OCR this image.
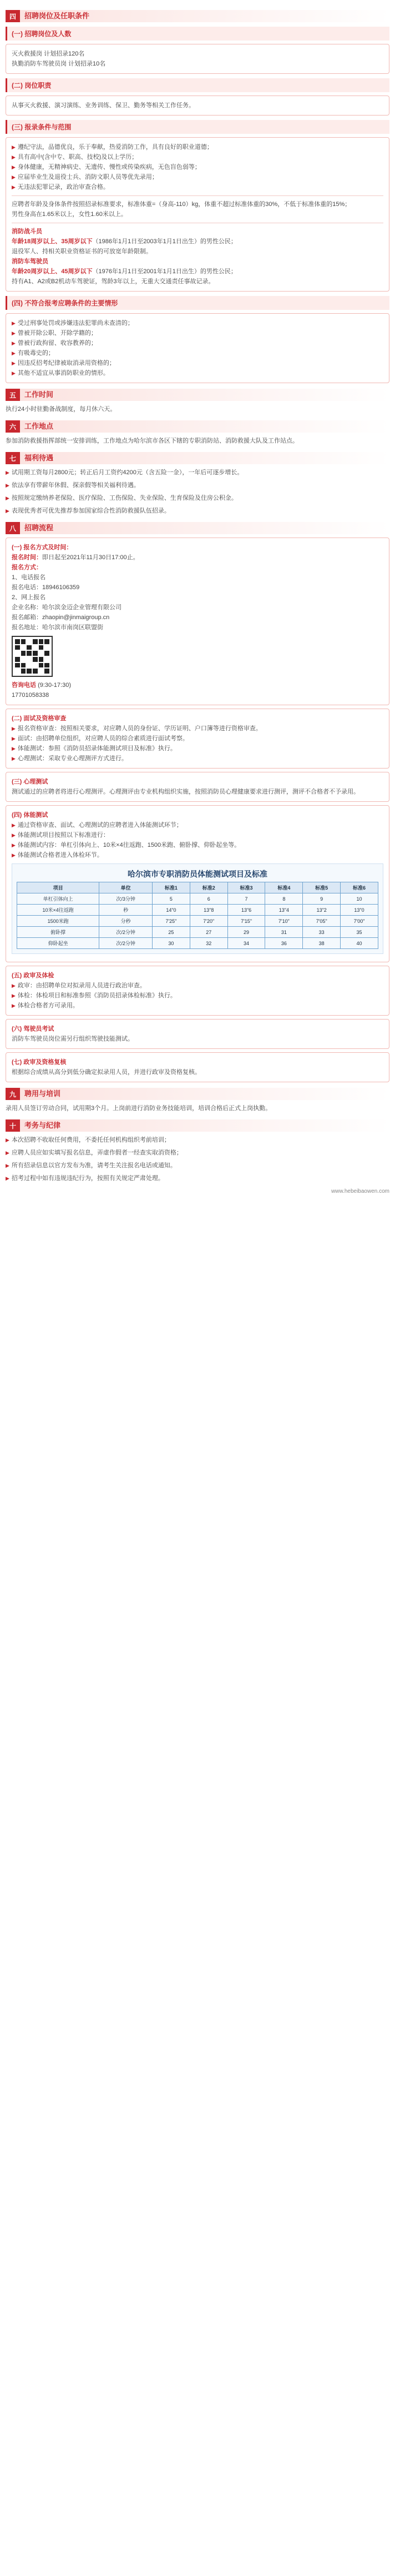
四	招聘岗位及任职条件
(一) 招聘岗位及人数
灭火救援岗 计划招录120名
执勤消防车驾驶员岗 计划招录10名
(二) 岗位职责
从事灭火救援、演习演练、业务训练、保卫、勤务等相关工作任务。
(三) 报录条件与范围
▶ 遵纪守法，品德优良，乐于奉献，热爱消防工作，具有良好的职业道德；
▶ 具有高中(含中专、职高、技校)及以上学历；
▶ 身体健康，无精神病史、无遗传、慢性或传染疾病，无色盲色弱等；
▶ 应届毕业生及退役士兵、消防文职人员等优先录用；
▶ 无违法犯罪记录，政治审查合格。
应聘者年龄及身体条件按照招录标准要求，标准体重=（身高-110）kg，体重不超过标准体重的30%，不低于标准体重的15%；
男性身高在1.65米以上，女性1.60米以上。
消防战斗员
年龄18周岁以上、35周岁以下（1986年1月1日至2003年1月1日出生）的男性公民；
退役军人、持相关职业资格证书的可放宽年龄限制。
消防车驾驶员
年龄20周岁以上、45周岁以下（1976年1月1日至2001年1月1日出生）的男性公民；
持有A1、A2或B2机动车驾驶证，驾龄3年以上，无重大交通责任事故记录。
(四) 不符合报考应聘条件的主要情形
▶ 受过刑事处罚或涉嫌违法犯罪尚未查清的；
▶ 曾被开除公职、开除学籍的；
▶ 曾被行政拘留、收容教养的；
▶ 有吸毒史的；
▶ 因违反招考纪律被取消录用资格的；
▶ 其他不适宜从事消防职业的情形。
五	工作时间
执行24小时驻勤备战制度，每月休六天。
六	工作地点
参加消防救援指挥部统一安排训练，工作地点为哈尔滨市各区下辖的专职消防站、消防救援大队及工作站点。
七	福利待遇
▶ 试用期工资每月2800元；转正后月工资约4200元（含五险一金），一年后可逐步增长。
▶ 依法享有带薪年休假、探亲假等相关福利待遇。
▶ 按照规定缴纳养老保险、医疗保险、工伤保险、失业保险、生育保险及住房公积金。
▶ 表现优秀者可优先推荐参加国家综合性消防救援队伍招录。
八	招聘流程
(一) 报名方式及时间：
报名时间：即日起至2021年11月30日17:00止。
报名方式：
1、电话报名
报名电话：18946106359
2、网上报名
企业名称：哈尔滨金迈企业管理有限公司
报名邮箱：zhaopin@jinmaigroup.cn
报名地址：哈尔滨市南岗区联盟街
咨询电话 (9:30-17:30)
17701058338
(二) 面试及资格审查
▶ 报名资格审查：按照相关要求，对应聘人员的身份证、学历证明、户口簿等进行资格审查。
▶ 面试：由招聘单位组织，对应聘人员的综合素质进行面试考察。
▶ 体能测试：参照《消防员招录体能测试项目及标准》执行。
▶ 心理测试：采取专业心理测评方式进行。
(三) 心理测试
测试通过的应聘者将进行心理测评。心理测评由专业机构组织实施，按照消防员心理健康要求进行测评，测评不合格者不予录用。
(四) 体能测试
▶ 通过资格审查、面试、心理测试的应聘者进入体能测试环节；
▶ 体能测试项目按照以下标准进行：
▶ 体能测试内容：单杠引体向上、10米×4往返跑、1500米跑、俯卧撑、仰卧起坐等。
▶ 体能测试合格者进入体检环节。
哈尔滨市专职消防员体能测试项目及标准
项目	单位	标准1	标准2	标准3	标准4	标准5	标准6
单杠引体向上	次/3分钟	5	6	7	8	9	10
10米×4往返跑	秒	14"0	13"8	13"6	13"4	13"2	13"0
1500米跑	分秒	7'25"	7'20"	7'15"	7'10"	7'05"	7'00"
俯卧撑	次/2分钟	25	27	29	31	33	35
仰卧起坐	次/2分钟	30	32	34	36	38	40
(五) 政审及体检
▶ 政审：由招聘单位对拟录用人员进行政治审查。
▶ 体检：体检项目和标准参照《消防员招录体检标准》执行。
▶ 体检合格者方可录用。
(六) 驾驶员考试
消防车驾驶员岗位需另行组织驾驶技能测试。
(七) 政审及资格复核
根据综合成绩从高分到低分确定拟录用人员，并进行政审及资格复核。
九	聘用与培训
录用人员签订劳动合同，试用期3个月。上岗前进行消防业务技能培训，培训合格后正式上岗执勤。
十	考务与纪律
▶ 本次招聘不收取任何费用，不委托任何机构组织考前培训；
▶ 应聘人员应如实填写报名信息，弄虚作假者一经查实取消资格；
▶ 所有招录信息以官方发布为准，请考生关注报名电话或通知。
▶ 招考过程中如有违规违纪行为，按照有关规定严肃处理。
www.hebeibaowen.com
